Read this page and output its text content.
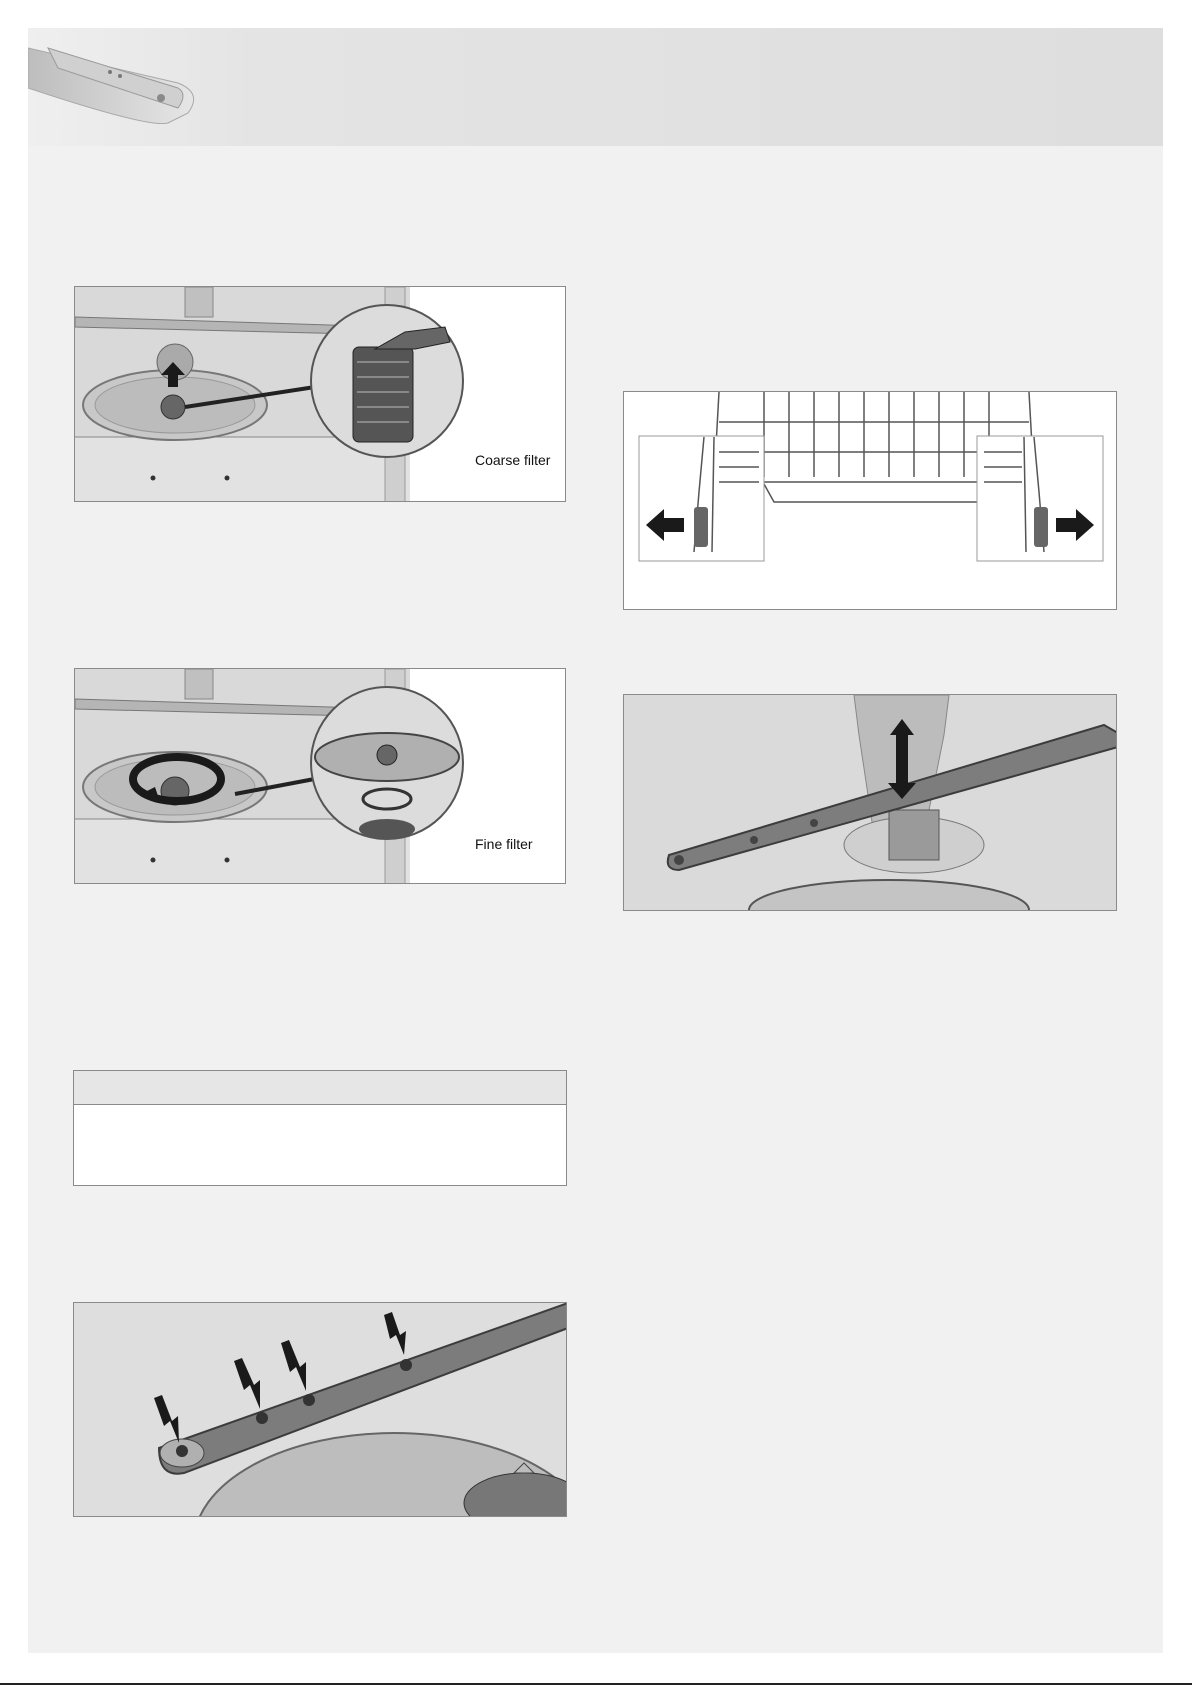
Coarse filter
Fine filter
